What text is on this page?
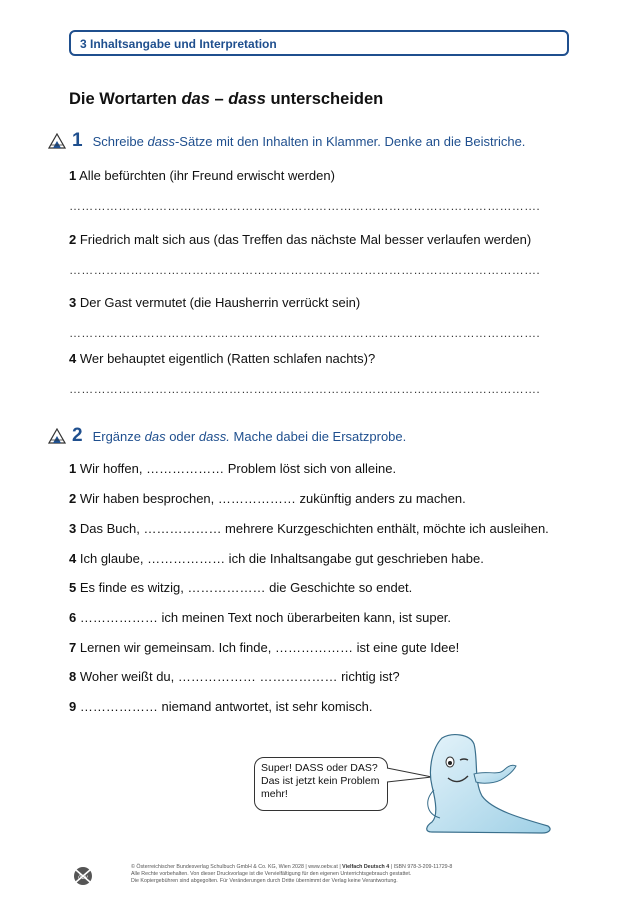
3 Inhaltsangabe und Interpretation
Die Wortarten das – dass unterscheiden
1 Schreibe dass-Sätze mit den Inhalten in Klammer. Denke an die Beistriche.
1 Alle befürchten (ihr Freund erwischt werden)
…………………………………………………………………………………………………….
2 Friedrich malt sich aus (das Treffen das nächste Mal besser verlaufen werden)
…………………………………………………………………………………………………….
3 Der Gast vermutet (die Hausherrin verrückt sein)
…………………………………………………………………………………………………….
4 Wer behauptet eigentlich (Ratten schlafen nachts)?
…………………………………………………………………………………………………….
2 Ergänze das oder dass. Mache dabei die Ersatzprobe.
1 Wir hoffen, ……………… Problem löst sich von alleine.
2 Wir haben besprochen, ……………… zukünftig anders zu machen.
3 Das Buch, ……………… mehrere Kurzgeschichten enthält, möchte ich ausleihen.
4 Ich glaube, ……………… ich die Inhaltsangabe gut geschrieben habe.
5 Es finde es witzig, ……………… die Geschichte so endet.
6 ……………… ich meinen Text noch überarbeiten kann, ist super.
7 Lernen wir gemeinsam. Ich finde, ……………… ist eine gute Idee!
8 Woher weißt du, ……………… ……………… richtig ist?
9 ……………… niemand antwortet, ist sehr komisch.
Super! DASS oder DAS? Das ist jetzt kein Problem mehr!
öbv
© Österreichischer Bundesverlag Schulbuch GmbH & Co. KG, Wien 2028 | www.oebv.at | Vielfach Deutsch 4 | ISBN 978-3-209-11729-8
Alle Rechte vorbehalten. Von dieser Druckvorlage ist die Vervielfältigung für den eigenen Unterrichtsgebrauch gestattet.
Die Kopiergebühren sind abgegolten. Für Veränderungen durch Dritte übernimmt der Verlag keine Verantwortung.
